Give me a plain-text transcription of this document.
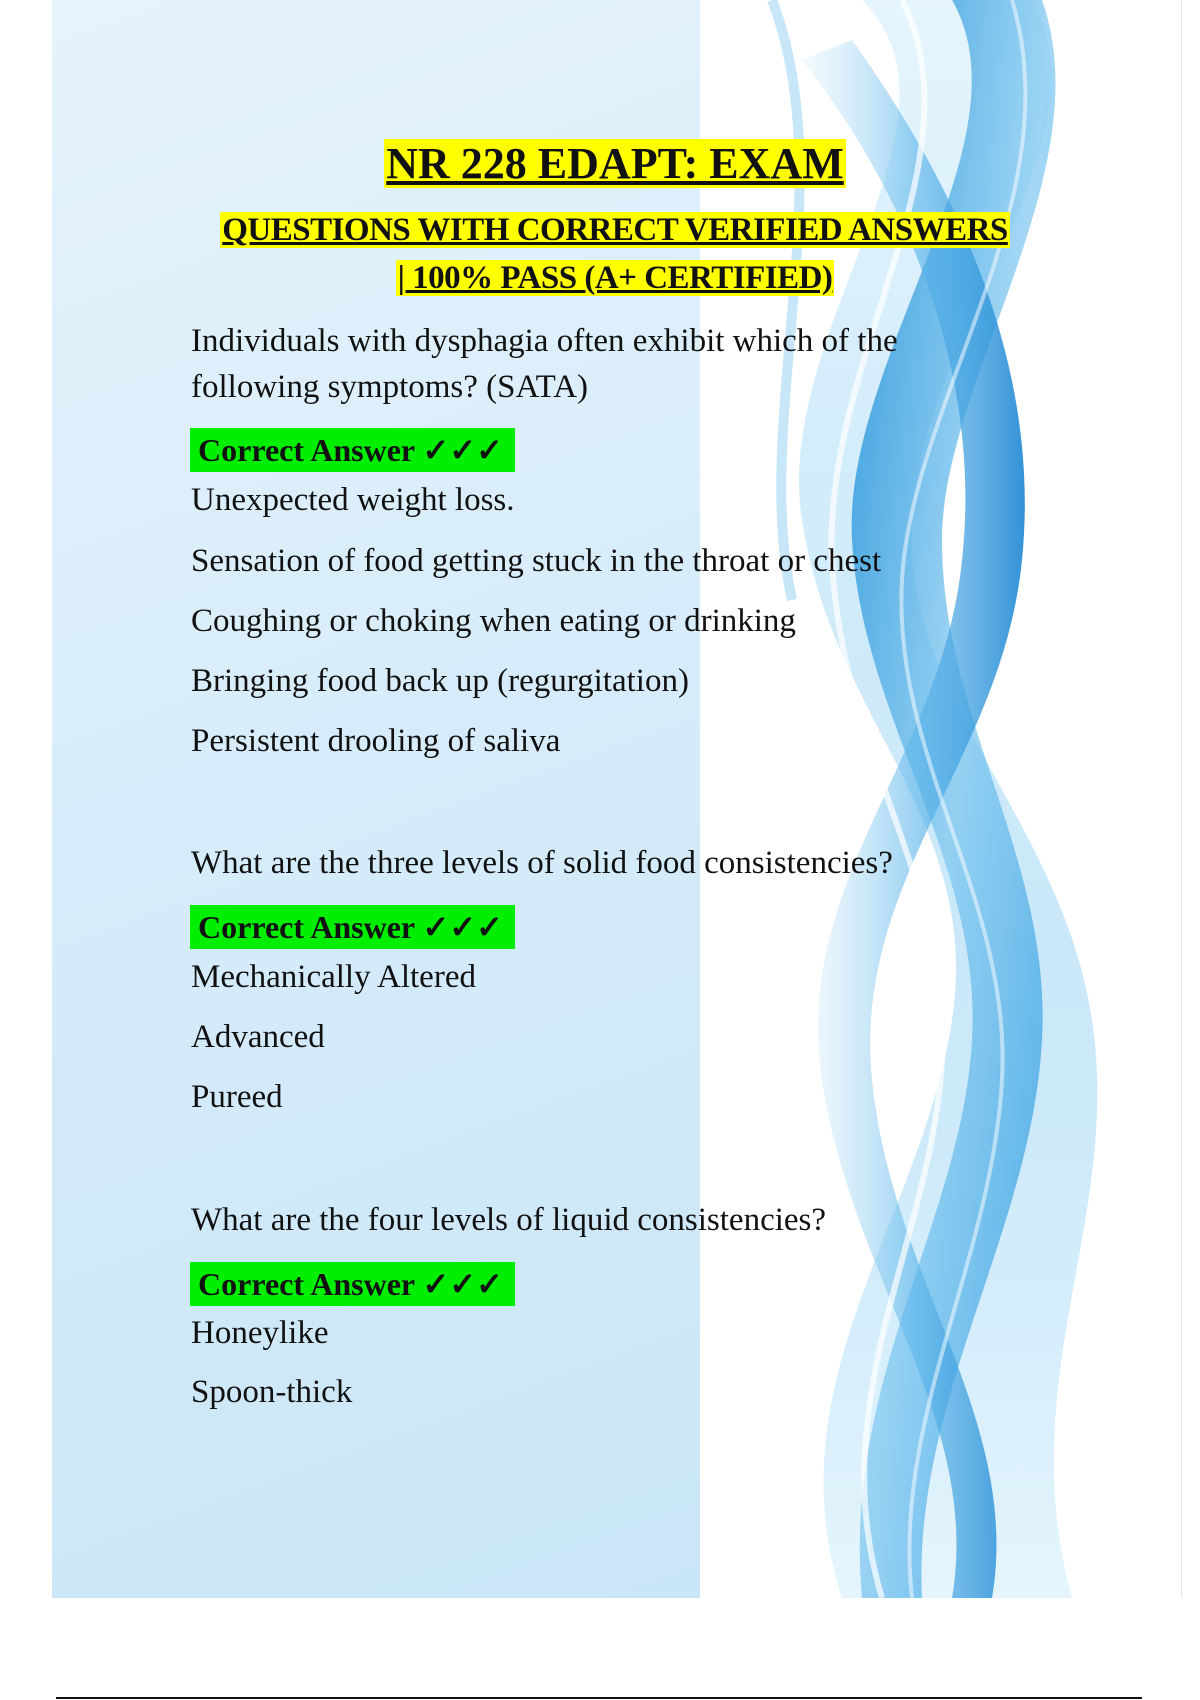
NR 228 EDAPT: EXAM
QUESTIONS WITH CORRECT VERIFIED ANSWERS
| 100% PASS (A+ CERTIFIED)
Individuals with dysphagia often exhibit which of the
following symptoms? (SATA)
Correct Answer ✓✓✓
Unexpected weight loss.
Sensation of food getting stuck in the throat or chest
Coughing or choking when eating or drinking
Bringing food back up (regurgitation)
Persistent drooling of saliva
What are the three levels of solid food consistencies?
Correct Answer ✓✓✓
Mechanically Altered
Advanced
Pureed
What are the four levels of liquid consistencies?
Correct Answer ✓✓✓
Honeylike
Spoon-thick
